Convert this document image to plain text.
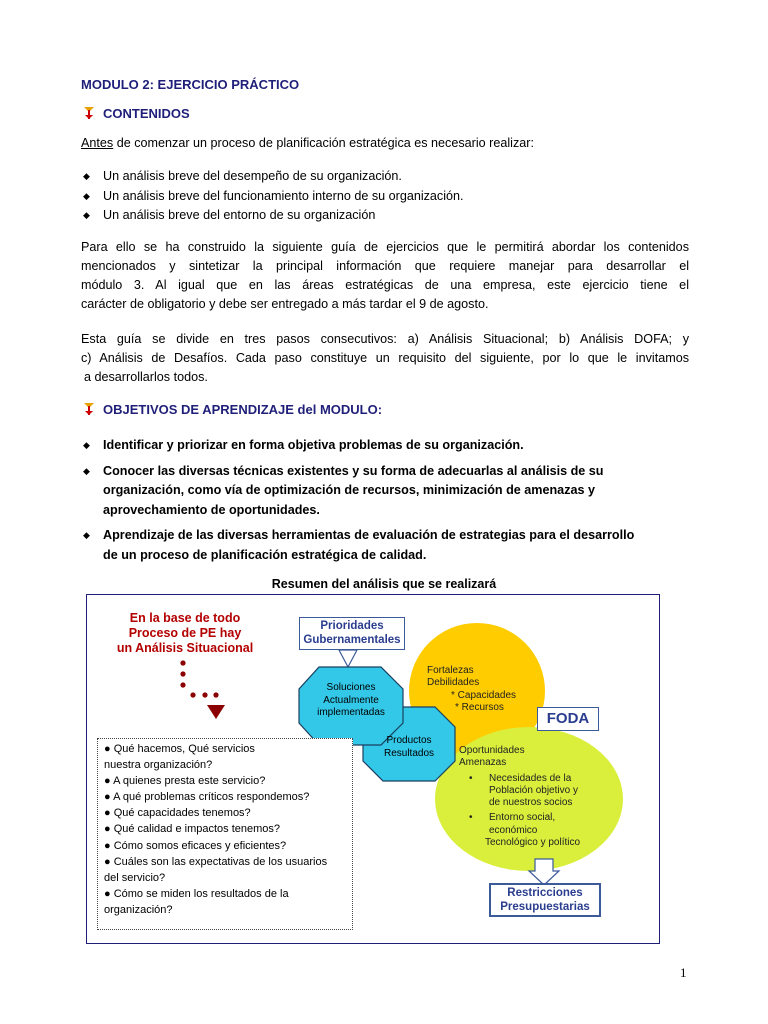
MODULO 2: EJERCICIO PRÁCTICO
CONTENIDOS
Antes de comenzar un proceso de planificación estratégica es necesario realizar:
◆ Un análisis breve del desempeño de su organización.
◆ Un análisis breve del funcionamiento interno de su organización.
◆ Un análisis breve del entorno de su organización
Para ello se ha construido la siguiente guía de ejercicios que le permitirá abordar los contenidos
mencionados y sintetizar la principal información que requiere manejar para desarrollar el
módulo 3. Al igual que en las áreas estratégicas de una empresa, este ejercicio tiene el
carácter de obligatorio y debe ser entregado a más tardar el 9 de agosto.
Esta guía se divide en tres pasos consecutivos: a) Análisis Situacional; b) Análisis DOFA; y
c) Análisis de Desafíos. Cada paso constituye un requisito del siguiente, por lo que le invitamos
a desarrollarlos todos.
OBJETIVOS DE APRENDIZAJE del MODULO:
◆ Identificar y priorizar en forma objetiva problemas de su organización.
◆ Conocer las diversas técnicas existentes y su forma de adecuarlas al análisis de su
organización, como vía de optimización de recursos, minimización de amenazas y
aprovechamiento de oportunidades.
◆ Aprendizaje de las diversas herramientas de evaluación de estrategias para el desarrollo
de un proceso de planificación estratégica de calidad.
Resumen del análisis que se realizará
En la base de todo
Proceso de PE hay
un Análisis Situacional
Prioridades
Gubernamentales
Soluciones
Actualmente
implementadas
Productos
Resultados
Fortalezas
Debilidades
* Capacidades
* Recursos
FODA
Oportunidades
Amenazas
• Necesidades de la
Población objetivo y
de nuestros socios
• Entorno social,
económico
Tecnológico y político
Restricciones
Presupuestarias
● Qué hacemos, Qué servicios
nuestra organización?
● A quienes presta este servicio?
● A qué problemas críticos respondemos?
● Qué capacidades tenemos?
● Qué calidad e impactos tenemos?
● Cómo somos eficaces y eficientes?
● Cuáles son las expectativas de los usuarios
del servicio?
● Cómo se miden los resultados de la
organización?
1
